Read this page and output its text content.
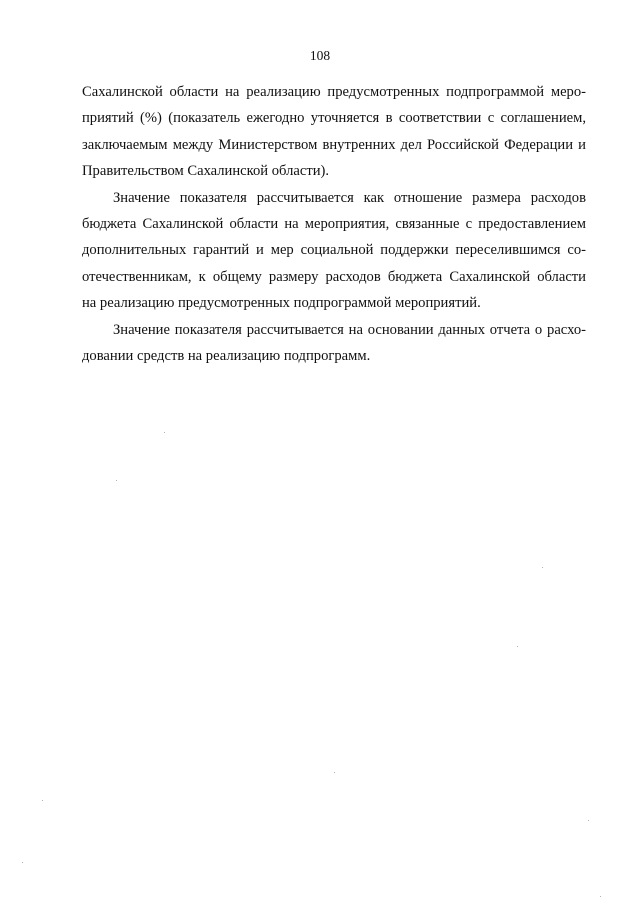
108
Сахалинской области на реализацию предусмотренных подпрограммой меро-
приятий (%) (показатель ежегодно уточняется в соответствии с соглашением,
заключаемым между Министерством внутренних дел Российской Федерации и
Правительством Сахалинской области).
Значение показателя рассчитывается как отношение размера расходов
бюджета Сахалинской области на мероприятия, связанные с предоставлением
дополнительных гарантий и мер социальной поддержки переселившимся со-
отечественникам, к общему размеру расходов бюджета Сахалинской области
на реализацию предусмотренных подпрограммой мероприятий.
Значение показателя рассчитывается на основании данных отчета о расхо-
довании средств на реализацию подпрограмм.
